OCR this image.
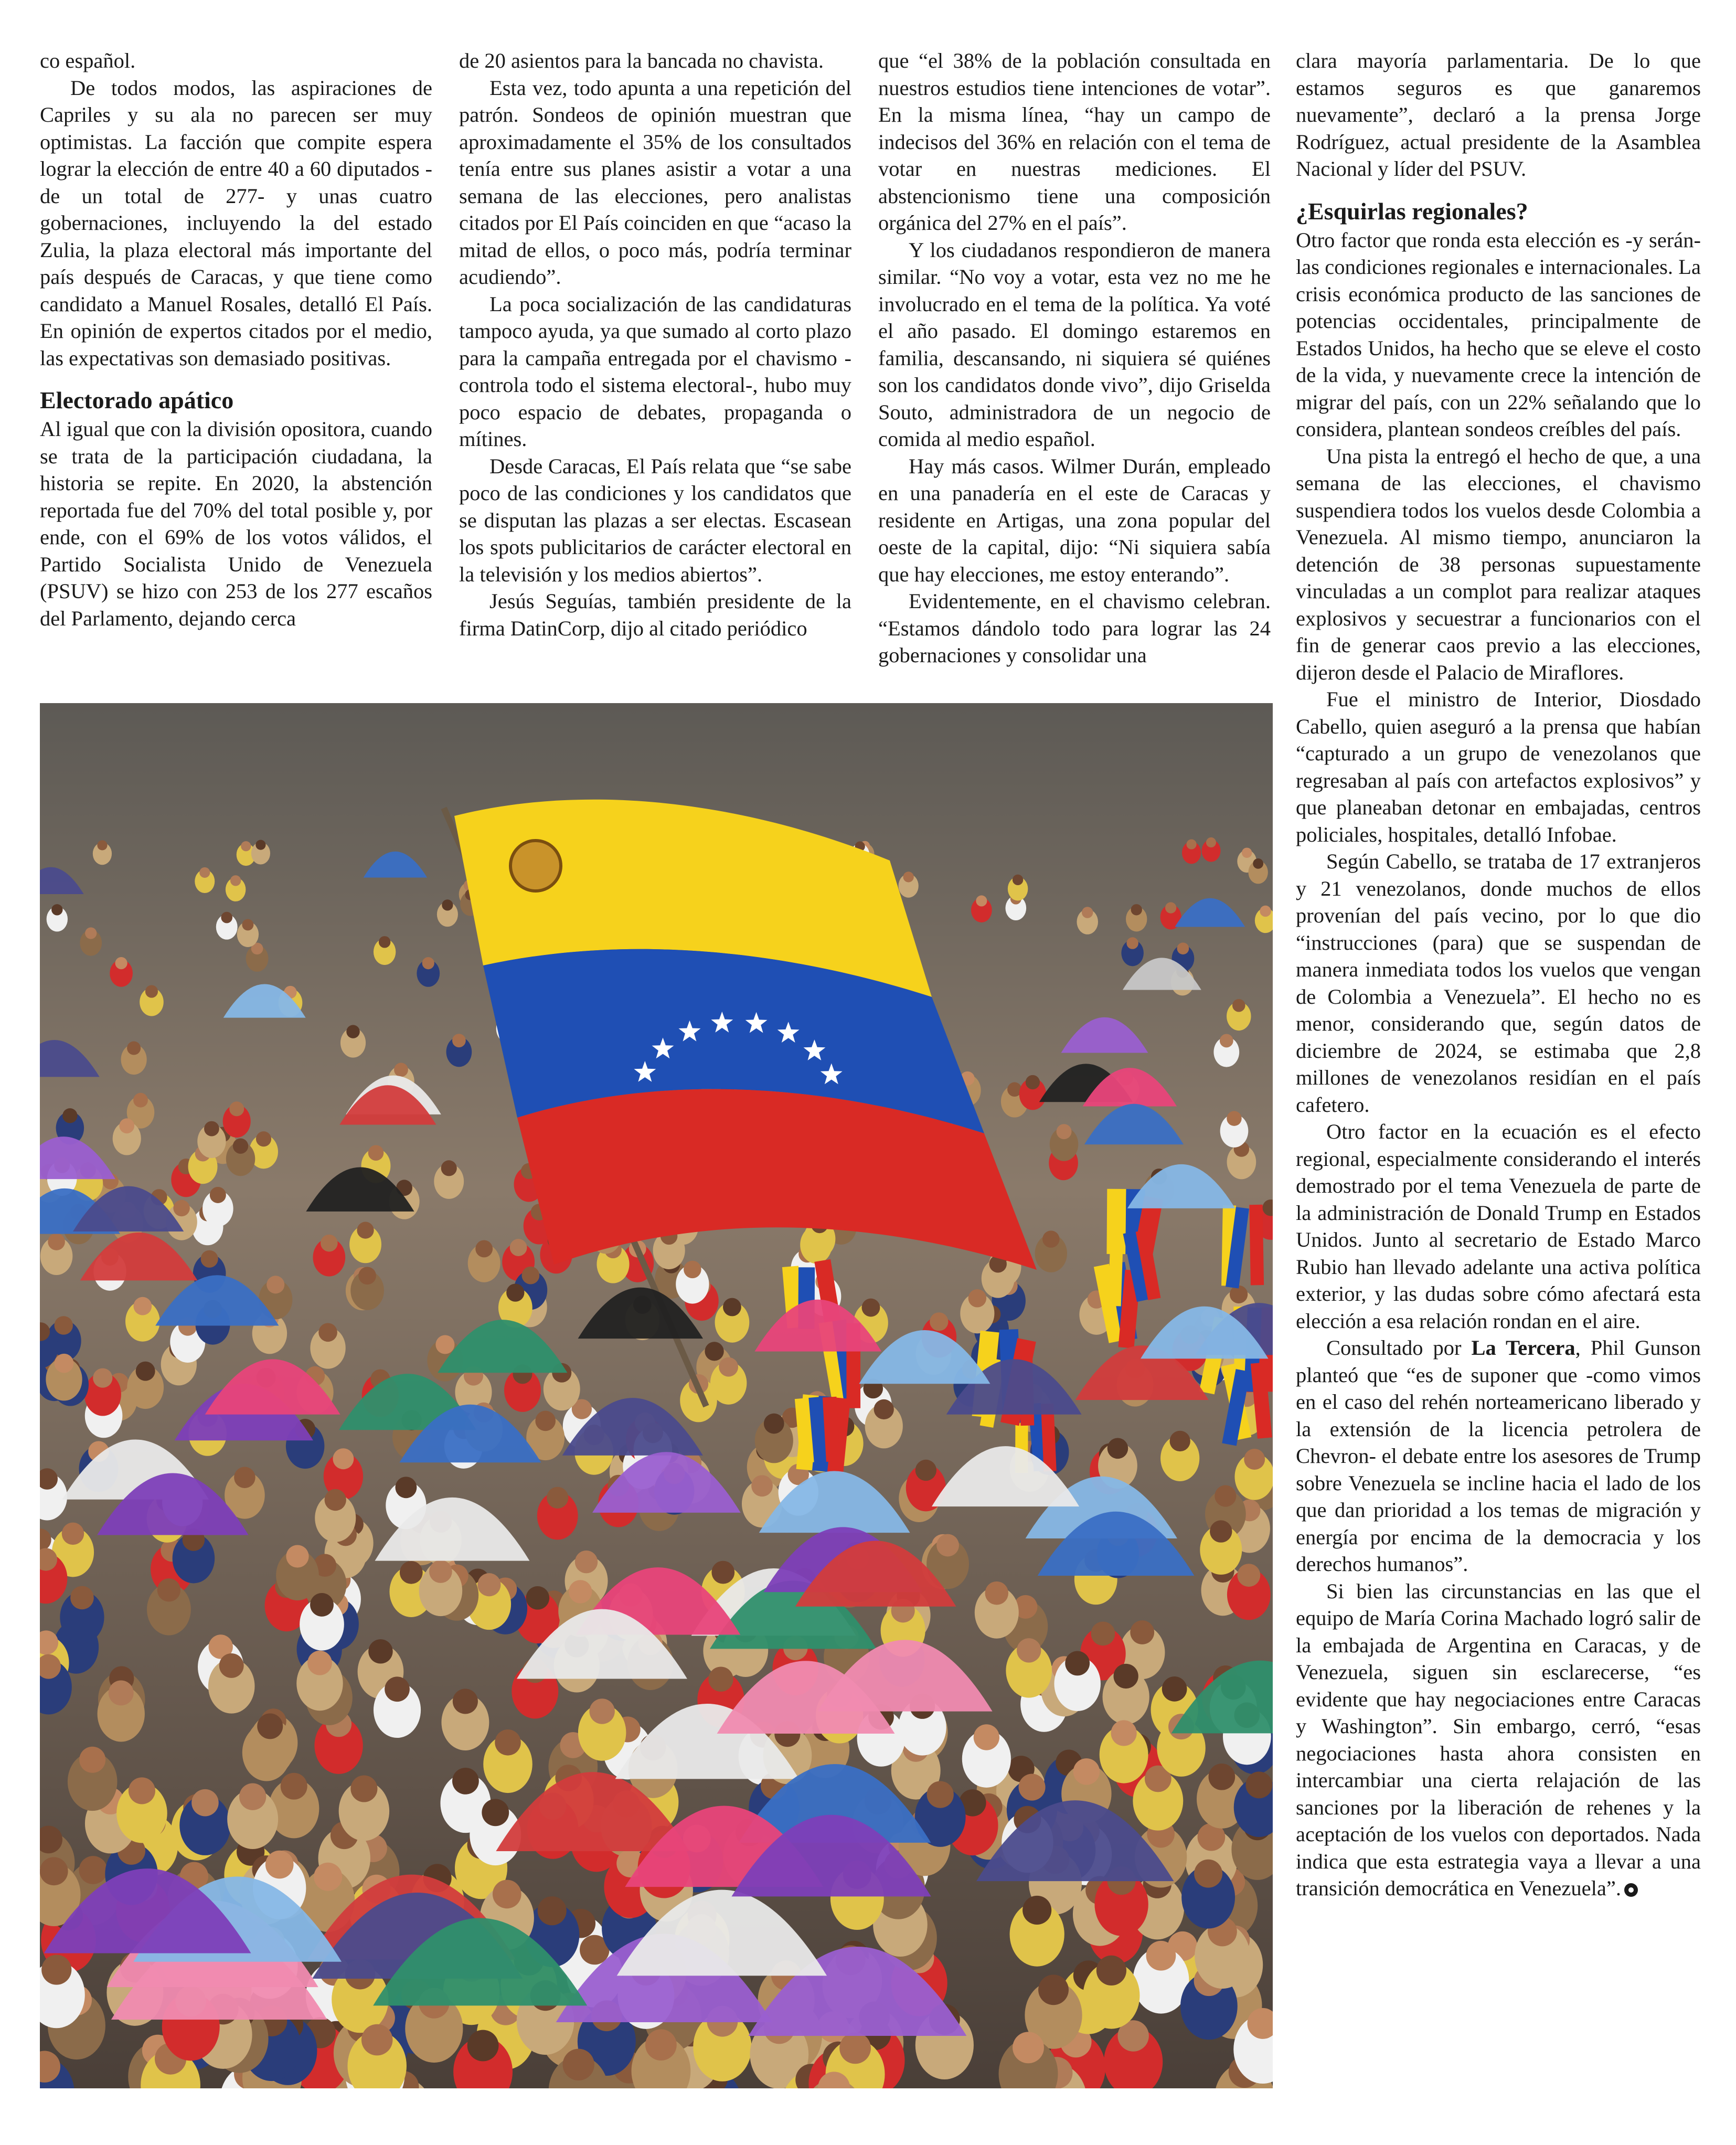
co español.

De todos modos, las aspiraciones de Capriles y su ala no parecen ser muy optimistas. La facción que compite espera lograr la elección de entre 40 a 60 diputados -de un total de 277- y unas cuatro gobernaciones, incluyendo la del estado Zulia, la plaza electoral más importante del país después de Caracas, y que tiene como candidato a Manuel Rosales, detalló El País. En opinión de expertos citados por el medio, las expectativas son demasiado positivas.

Electorado apático

Al igual que con la división opositora, cuando se trata de la participación ciudadana, la historia se repite. En 2020, la abstención reportada fue del 70% del total posible y, por ende, con el 69% de los votos válidos, el Partido Socialista Unido de Venezuela (PSUV) se hizo con 253 de los 277 escaños del Parlamento, dejando cerca

de 20 asientos para la bancada no chavista.

Esta vez, todo apunta a una repetición del patrón. Sondeos de opinión muestran que aproximadamente el 35% de los consultados tenía entre sus planes asistir a votar a una semana de las elecciones, pero analistas citados por El País coinciden en que “acaso la mitad de ellos, o poco más, podría terminar acudiendo”.

La poca socialización de las candidaturas tampoco ayuda, ya que sumado al corto plazo para la campaña entregada por el chavismo -controla todo el sistema electoral-, hubo muy poco espacio de debates, propaganda o mítines.

Desde Caracas, El País relata que “se sabe poco de las condiciones y los candidatos que se disputan las plazas a ser electas. Escasean los spots publicitarios de carácter electoral en la televisión y los medios abiertos”.

Jesús Seguías, también presidente de la firma DatinCorp, dijo al citado periódico

que “el 38% de la población consultada en nuestros estudios tiene intenciones de votar”. En la misma línea, “hay un campo de indecisos del 36% en relación con el tema de votar en nuestras mediciones. El abstencionismo tiene una composición orgánica del 27% en el país”.

Y los ciudadanos respondieron de manera similar. “No voy a votar, esta vez no me he involucrado en el tema de la política. Ya voté el año pasado. El domingo estaremos en familia, descansando, ni siquiera sé quiénes son los candidatos donde vivo”, dijo Griselda Souto, administradora de un negocio de comida al medio español.

Hay más casos. Wilmer Durán, empleado en una panadería en el este de Caracas y residente en Artigas, una zona popular del oeste de la capital, dijo: “Ni siquiera sabía que hay elecciones, me estoy enterando”.

Evidentemente, en el chavismo celebran. “Estamos dándolo todo para lograr las 24 gobernaciones y consolidar una

clara mayoría parlamentaria. De lo que estamos seguros es que ganaremos nuevamente”, declaró a la prensa Jorge Rodríguez, actual presidente de la Asamblea Nacional y líder del PSUV.

¿Esquirlas regionales?

Otro factor que ronda esta elección es -y serán- las condiciones regionales e internacionales. La crisis económica producto de las sanciones de potencias occidentales, principalmente de Estados Unidos, ha hecho que se eleve el costo de la vida, y nuevamente crece la intención de migrar del país, con un 22% señalando que lo considera, plantean sondeos creíbles del país.

Una pista la entregó el hecho de que, a una semana de las elecciones, el chavismo suspendiera todos los vuelos desde Colombia a Venezuela. Al mismo tiempo, anunciaron la detención de 38 personas supuestamente vinculadas a un complot para realizar ataques explosivos y secuestrar a funcionarios con el fin de generar caos previo a las elecciones, dijeron desde el Palacio de Miraflores.

Fue el ministro de Interior, Diosdado Cabello, quien aseguró a la prensa que habían “capturado a un grupo de venezolanos que regresaban al país con artefactos explosivos” y que planeaban detonar en embajadas, centros policiales, hospitales, detalló Infobae.

Según Cabello, se trataba de 17 extranjeros y 21 venezolanos, donde muchos de ellos provenían del país vecino, por lo que dio “instrucciones (para) que se suspendan de manera inmediata todos los vuelos que vengan de Colombia a Venezuela”. El hecho no es menor, considerando que, según datos de diciembre de 2024, se estimaba que 2,8 millones de venezolanos residían en el país cafetero.

Otro factor en la ecuación es el efecto regional, especialmente considerando el interés demostrado por el tema Venezuela de parte de la administración de Donald Trump en Estados Unidos. Junto al secretario de Estado Marco Rubio han llevado adelante una activa política exterior, y las dudas sobre cómo afectará esta elección a esa relación rondan en el aire.

Consultado por La Tercera, Phil Gunson planteó que “es de suponer que -como vimos en el caso del rehén norteamericano liberado y la extensión de la licencia petrolera de Chevron- el debate entre los asesores de Trump sobre Venezuela se incline hacia el lado de los que dan prioridad a los temas de migración y energía por encima de la democracia y los derechos humanos”.

Si bien las circunstancias en las que el equipo de María Corina Machado logró salir de la embajada de Argentina en Caracas, y de Venezuela, siguen sin esclarecerse, “es evidente que hay negociaciones entre Caracas y Washington”. Sin embargo, cerró, “esas negociaciones hasta ahora consisten en intercambiar una cierta relajación de las sanciones por la liberación de rehenes y la aceptación de los vuelos con deportados. Nada indica que esta estrategia vaya a llevar a una transición democrática en Venezuela”.
